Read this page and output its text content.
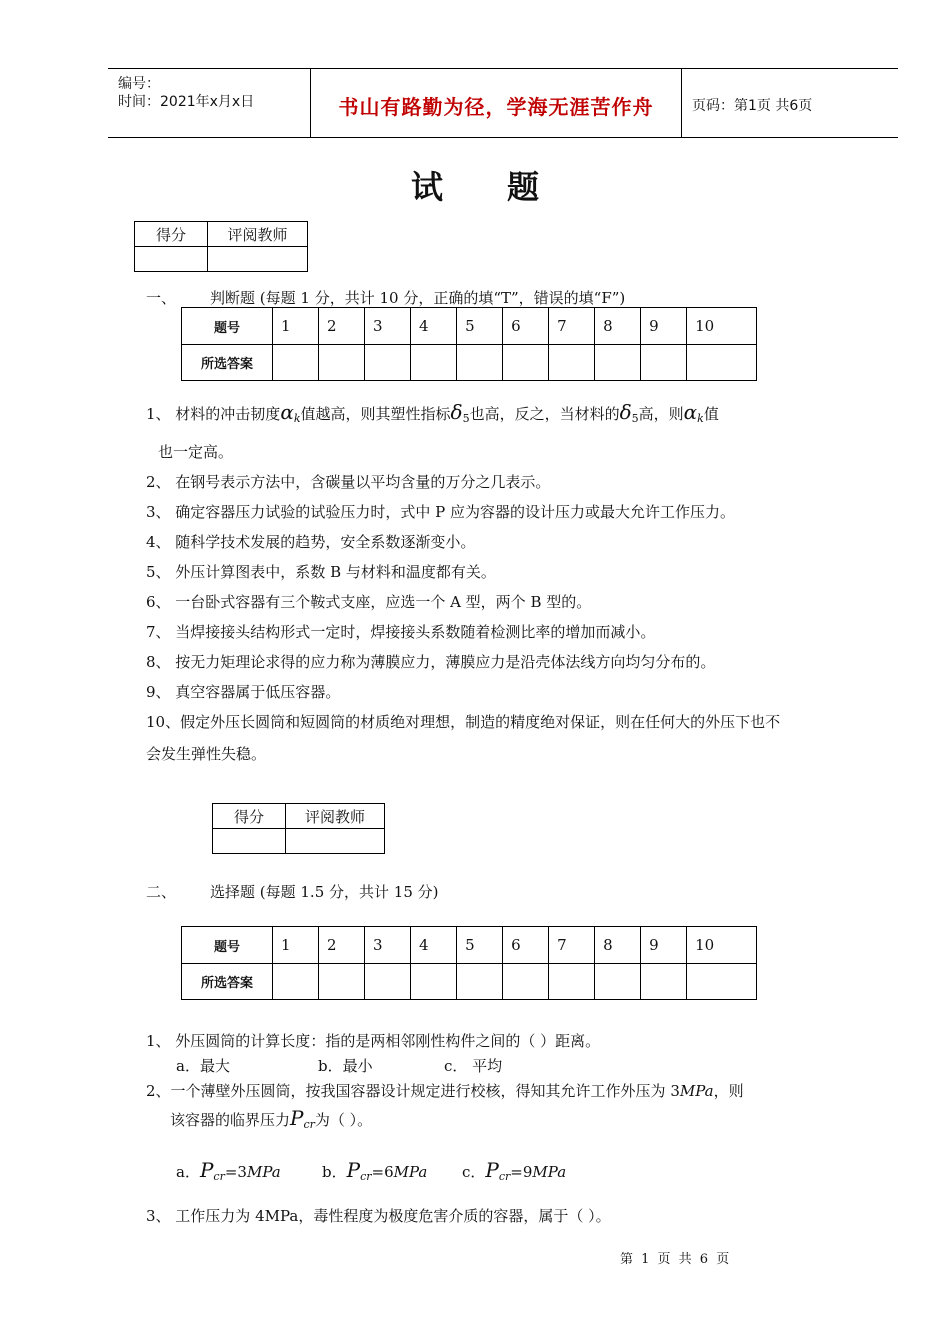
编号：
时间：2021年x月x日	书山有路勤为径，学海无涯苦作舟	页码：第1页 共6页
试题
得分	评阅教师

一、 判断题 (每题 1 分，共计 10 分，正确的填“T”，错误的填“F”)
题号	1	2	3	4	5	6	7	8	9	10
所选答案										
1、 材料的冲击韧度$\alpha_k$值越高，则其塑性指标$\delta_5$也高，反之，当材料的$\delta_5$高，则$\alpha_k$值
也一定高。
2、 在钢号表示方法中，含碳量以平均含量的万分之几表示。
3、 确定容器压力试验的试验压力时，式中 P 应为容器的设计压力或最大允许工作压力。
4、 随科学技术发展的趋势，安全系数逐渐变小。
5、 外压计算图表中，系数 B 与材料和温度都有关。
6、 一台卧式容器有三个鞍式支座，应选一个 A 型，两个 B 型的。
7、 当焊接接头结构形式一定时，焊接接头系数随着检测比率的增加而减小。
8、 按无力矩理论求得的应力称为薄膜应力，薄膜应力是沿壳体法线方向均匀分布的。
9、 真空容器属于低压容器。
10、假定外压长圆筒和短圆筒的材质绝对理想，制造的精度绝对保证，则在任何大的外压下也不
会发生弹性失稳。
得分	评阅教师

二、 选择题 (每题 1.5 分，共计 15 分)
题号	1	2	3	4	5	6	7	8	9	10
所选答案										
1、 外压圆筒的计算长度：指的是两相邻刚性构件之间的（ ）距离。
a．最大	b．最小	c． 平均
2、一个薄壁外压圆筒，按我国容器设计规定进行校核，得知其允许工作外压为 3MPa，则
该容器的临界压力$P_{cr}$为（ ）。
a．$P_{cr}=3MPa$	b．$P_{cr}=6MPa$ c．$P_{cr}=9MPa$
3、 工作压力为 4MPa，毒性程度为极度危害介质的容器，属于（ ）。
第 1 页 共 6 页
